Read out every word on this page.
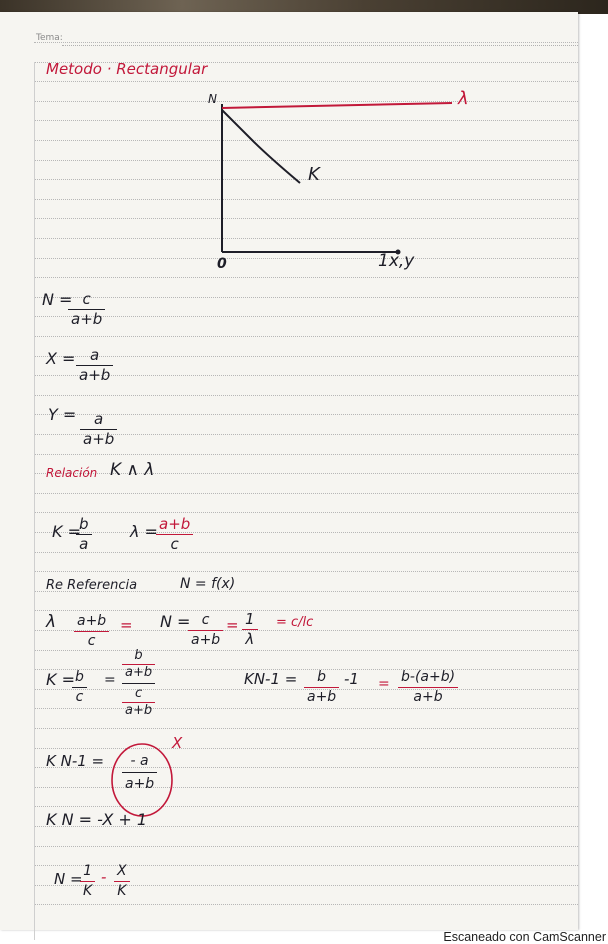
Tema:
Metodo · Rectangular
N
0	1x,y
K
λ
N = c
a+b
X = a
a+b
Y = a
a+b
Relación K ∧ λ
K =
b
a
λ = a+b
c
Re Referencia	N = f(x)
λ a+b
c
= N = c
a+b
= 1
λ
= c/lc
K = b
c
=
b
a+b
c
a+b
KN-1 = b
a+b
-1 = b-(a+b)
a+b
K N-1 = - a
a+b
X
K N = -X + 1
N = 1
K
- X
K
Escaneado con CamScanner
